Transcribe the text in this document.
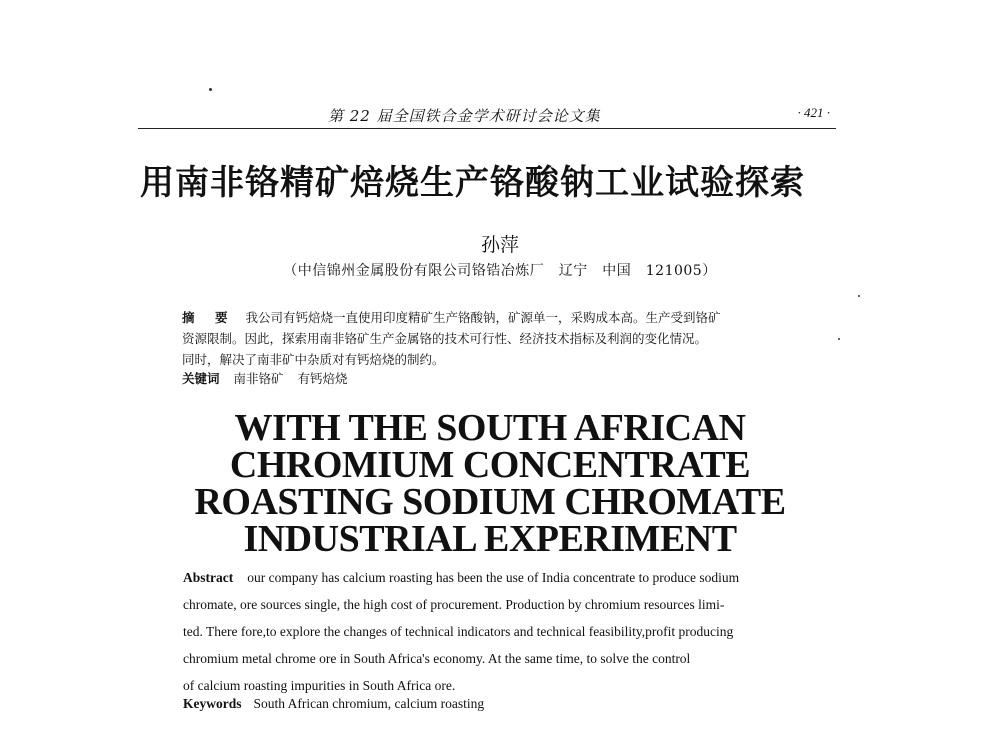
第 22 届全国铁合金学术研讨会论文集	· 421 ·
用南非铬精矿焙烧生产铬酸钠工业试验探索
孙萍
（中信锦州金属股份有限公司铬锆冶炼厂　辽宁　中国　121005）
摘　要 我公司有钙焙烧一直使用印度精矿生产铬酸钠，矿源单一，采购成本高。生产受到铬矿
资源限制。因此，探索用南非铬矿生产金属铬的技术可行性、经济技术指标及利润的变化情况。
同时，解决了南非矿中杂质对有钙焙烧的制约。
关键词 南非铬矿 有钙焙烧
WITH THE SOUTH AFRICAN
CHROMIUM CONCENTRATE
ROASTING SODIUM CHROMATE
INDUSTRIAL EXPERIMENT
Abstract our company has calcium roasting has been the use of India concentrate to produce sodium
chromate, ore sources single, the high cost of procurement. Production by chromium resources limi-
ted. There fore,to explore the changes of technical indicators and technical feasibility,profit producing
chromium metal chrome ore in South Africa's economy. At the same time, to solve the control
of calcium roasting impurities in South Africa ore.
Keywords South African chromium, calcium roasting
